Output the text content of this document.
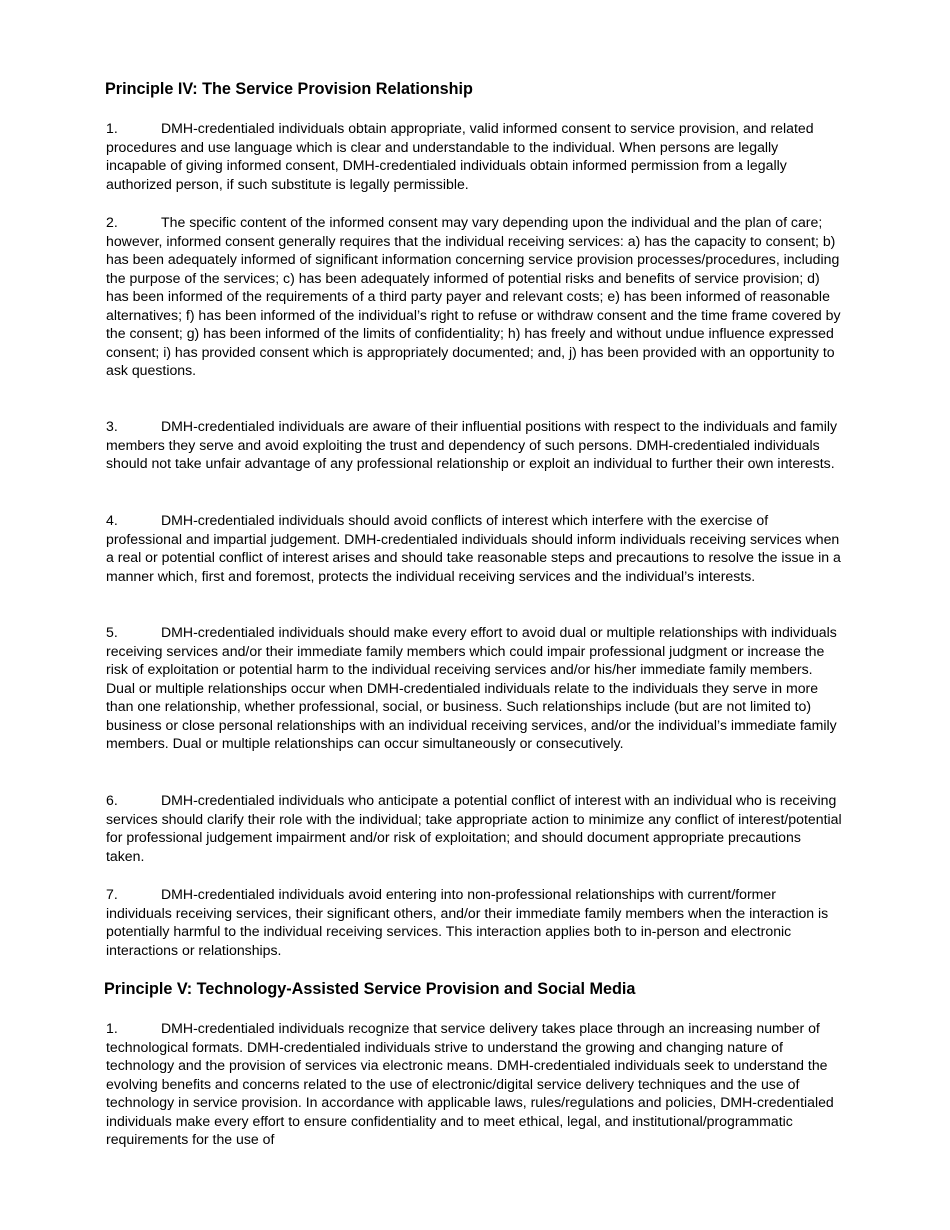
Principle IV: The Service Provision Relationship

1.	DMH-credentialed individuals obtain appropriate, valid informed consent to service provision, and related procedures and use language which is clear and understandable to the individual. When persons are legally incapable of giving informed consent, DMH-credentialed individuals obtain informed permission from a legally authorized person, if such substitute is legally permissible.

2.	The specific content of the informed consent may vary depending upon the individual and the plan of care; however, informed consent generally requires that the individual receiving services: a) has the capacity to consent; b) has been adequately informed of significant information concerning service provision processes/procedures, including the purpose of the services; c) has been adequately informed of potential risks and benefits of service provision; d) has been informed of the requirements of a third party payer and relevant costs; e) has been informed of reasonable alternatives; f) has been informed of the individual’s right to refuse or withdraw consent and the time frame covered by the consent; g) has been informed of the limits of confidentiality; h) has freely and without undue influence expressed consent; i) has provided consent which is appropriately documented; and, j) has been provided with an opportunity to ask questions.

3.	DMH-credentialed individuals are aware of their influential positions with respect to the individuals and family members they serve and avoid exploiting the trust and dependency of such persons. DMH-credentialed individuals should not take unfair advantage of any professional relationship or exploit an individual to further their own interests.

4.	DMH-credentialed individuals should avoid conflicts of interest which interfere with the exercise of professional and impartial judgement. DMH-credentialed individuals should inform individuals receiving services when a real or potential conflict of interest arises and should take reasonable steps and precautions to resolve the issue in a manner which, first and foremost, protects the individual receiving services and the individual’s interests.

5.	DMH-credentialed individuals should make every effort to avoid dual or multiple relationships with individuals receiving services and/or their immediate family members which could impair professional judgment or increase the risk of exploitation or potential harm to the individual receiving services and/or his/her immediate family members. Dual or multiple relationships occur when DMH-credentialed individuals relate to the individuals they serve in more than one relationship, whether professional, social, or business. Such relationships include (but are not limited to) business or close personal relationships with an individual receiving services, and/or the individual’s immediate family members. Dual or multiple relationships can occur simultaneously or consecutively.

6.	DMH-credentialed individuals who anticipate a potential conflict of interest with an individual who is receiving services should clarify their role with the individual; take appropriate action to minimize any conflict of interest/potential for professional judgement impairment and/or risk of exploitation; and should document appropriate precautions taken.

7.	DMH-credentialed individuals avoid entering into non-professional relationships with current/former individuals receiving services, their significant others, and/or their immediate family members when the interaction is potentially harmful to the individual receiving services. This interaction applies both to in-person and electronic interactions or relationships.

Principle V: Technology-Assisted Service Provision and Social Media

1.	DMH-credentialed individuals recognize that service delivery takes place through an increasing number of technological formats. DMH-credentialed individuals strive to understand the growing and changing nature of technology and the provision of services via electronic means. DMH-credentialed individuals seek to understand the evolving benefits and concerns related to the use of electronic/digital service delivery techniques and the use of technology in service provision. In accordance with applicable laws, rules/regulations and policies, DMH-credentialed individuals make every effort to ensure confidentiality and to meet ethical, legal, and institutional/programmatic requirements for the use of
